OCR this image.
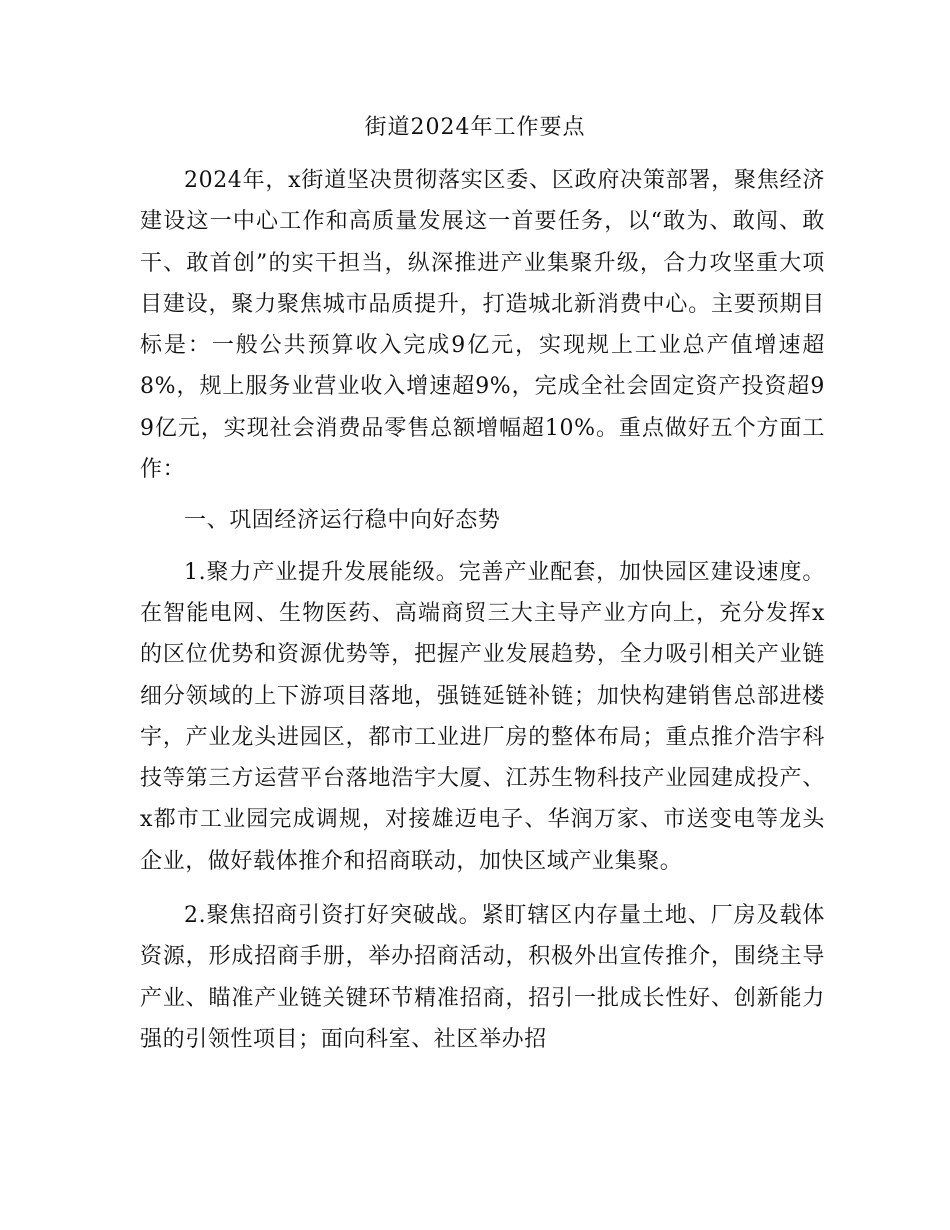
街道2024年工作要点

2024年，x街道坚决贯彻落实区委、区政府决策部署，聚焦经济建设这一中心工作和高质量发展这一首要任务，以“敢为、敢闯、敢干、敢首创”的实干担当，纵深推进产业集聚升级，合力攻坚重大项目建设，聚力聚焦城市品质提升，打造城北新消费中心。主要预期目标是：一般公共预算收入完成9亿元，实现规上工业总产值增速超8%，规上服务业营业收入增速超9%，完成全社会固定资产投资超99亿元，实现社会消费品零售总额增幅超10%。重点做好五个方面工作：

一、巩固经济运行稳中向好态势

1.聚力产业提升发展能级。完善产业配套，加快园区建设速度。在智能电网、生物医药、高端商贸三大主导产业方向上，充分发挥x的区位优势和资源优势等，把握产业发展趋势，全力吸引相关产业链细分领域的上下游项目落地，强链延链补链；加快构建销售总部进楼宇，产业龙头进园区，都市工业进厂房的整体布局；重点推介浩宇科技等第三方运营平台落地浩宇大厦、江苏生物科技产业园建成投产、x都市工业园完成调规，对接雄迈电子、华润万家、市送变电等龙头企业，做好载体推介和招商联动，加快区域产业集聚。

2.聚焦招商引资打好突破战。紧盯辖区内存量土地、厂房及载体资源，形成招商手册，举办招商活动，积极外出宣传推介，围绕主导产业、瞄准产业链关键环节精准招商，招引一批成长性好、创新能力强的引领性项目；面向科室、社区举办招
